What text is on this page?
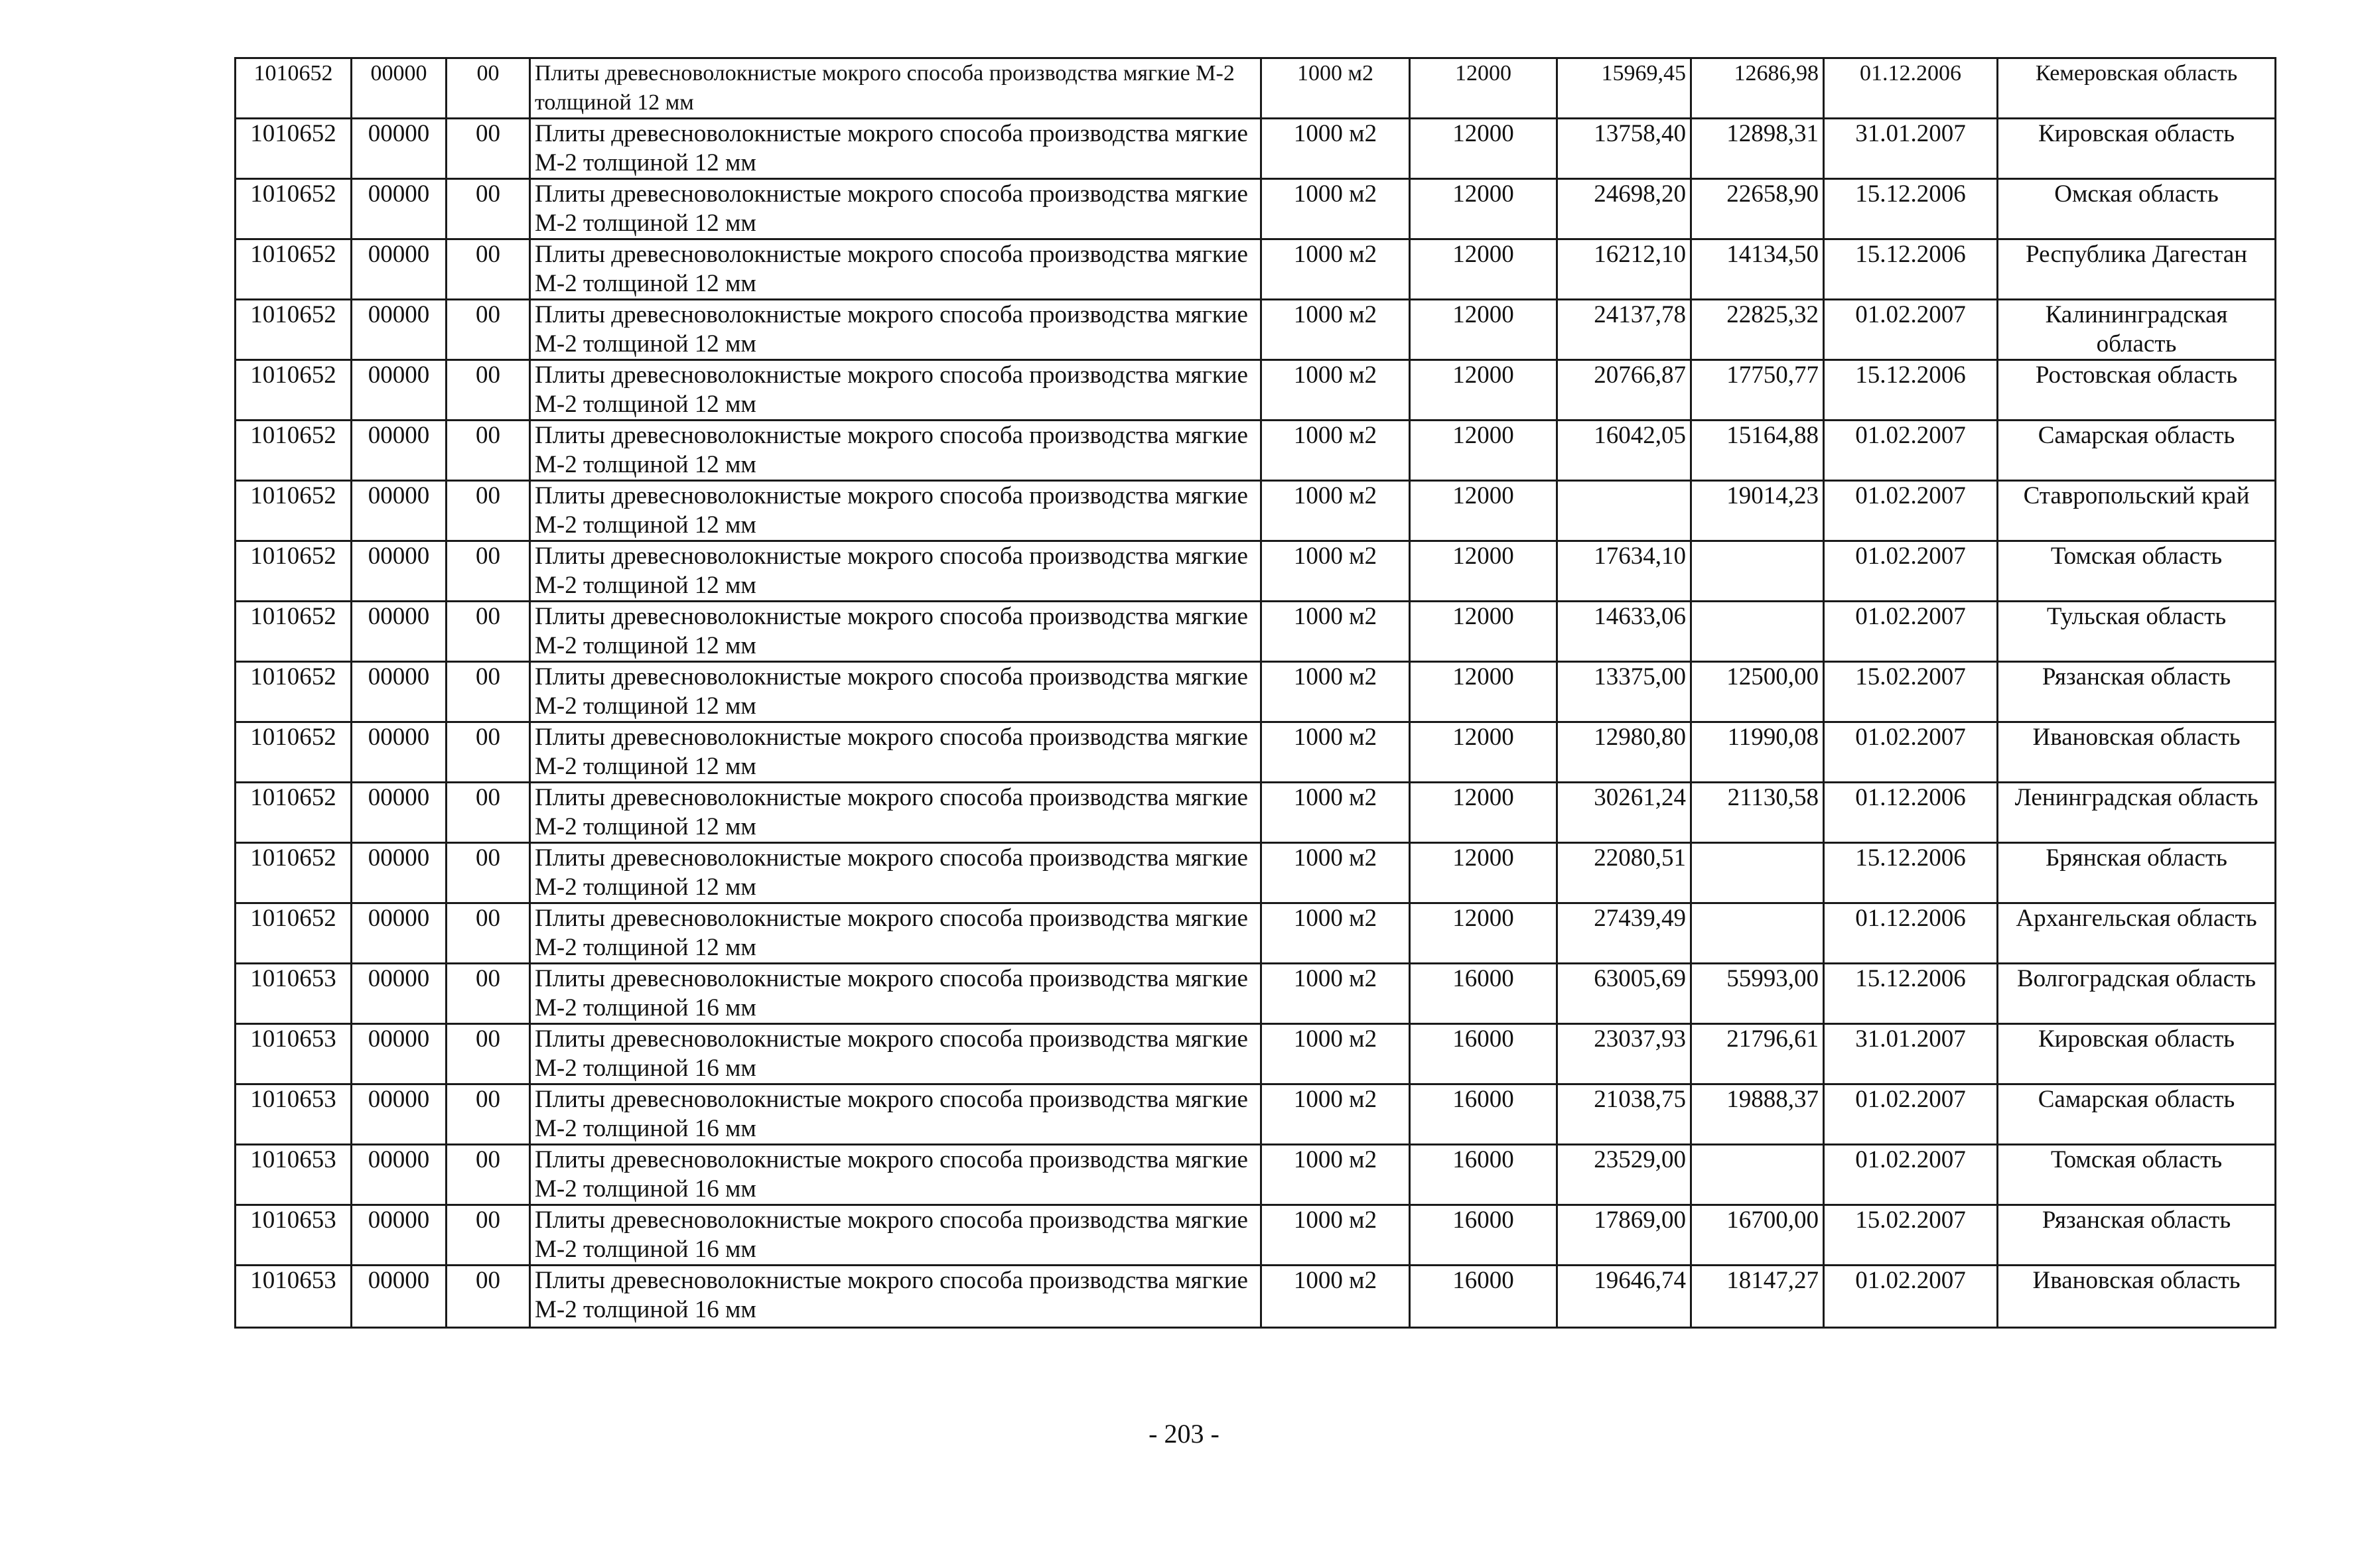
1010652	00000	00	Плиты древесноволокнистые мокрого способа производства мягкие М-2 толщиной 12 мм	1000 м2	12000	15969,45	12686,98	01.12.2006	Кемеровская область
1010652	00000	00	Плиты древесноволокнистые мокрого способа производства мягкие М-2 толщиной 12 мм	1000 м2	12000	13758,40	12898,31	31.01.2007	Кировская область
1010652	00000	00	Плиты древесноволокнистые мокрого способа производства мягкие М-2 толщиной 12 мм	1000 м2	12000	24698,20	22658,90	15.12.2006	Омская область
1010652	00000	00	Плиты древесноволокнистые мокрого способа производства мягкие М-2 толщиной 12 мм	1000 м2	12000	16212,10	14134,50	15.12.2006	Республика Дагестан
1010652	00000	00	Плиты древесноволокнистые мокрого способа производства мягкие М-2 толщиной 12 мм	1000 м2	12000	24137,78	22825,32	01.02.2007	Калининградская область
1010652	00000	00	Плиты древесноволокнистые мокрого способа производства мягкие М-2 толщиной 12 мм	1000 м2	12000	20766,87	17750,77	15.12.2006	Ростовская область
1010652	00000	00	Плиты древесноволокнистые мокрого способа производства мягкие М-2 толщиной 12 мм	1000 м2	12000	16042,05	15164,88	01.02.2007	Самарская область
1010652	00000	00	Плиты древесноволокнистые мокрого способа производства мягкие М-2 толщиной 12 мм	1000 м2	12000		19014,23	01.02.2007	Ставропольский край
1010652	00000	00	Плиты древесноволокнистые мокрого способа производства мягкие М-2 толщиной 12 мм	1000 м2	12000	17634,10		01.02.2007	Томская область
1010652	00000	00	Плиты древесноволокнистые мокрого способа производства мягкие М-2 толщиной 12 мм	1000 м2	12000	14633,06		01.02.2007	Тульская область
1010652	00000	00	Плиты древесноволокнистые мокрого способа производства мягкие М-2 толщиной 12 мм	1000 м2	12000	13375,00	12500,00	15.02.2007	Рязанская область
1010652	00000	00	Плиты древесноволокнистые мокрого способа производства мягкие М-2 толщиной 12 мм	1000 м2	12000	12980,80	11990,08	01.02.2007	Ивановская область
1010652	00000	00	Плиты древесноволокнистые мокрого способа производства мягкие М-2 толщиной 12 мм	1000 м2	12000	30261,24	21130,58	01.12.2006	Ленинградская область
1010652	00000	00	Плиты древесноволокнистые мокрого способа производства мягкие М-2 толщиной 12 мм	1000 м2	12000	22080,51		15.12.2006	Брянская область
1010652	00000	00	Плиты древесноволокнистые мокрого способа производства мягкие М-2 толщиной 12 мм	1000 м2	12000	27439,49		01.12.2006	Архангельская область
1010653	00000	00	Плиты древесноволокнистые мокрого способа производства мягкие М-2 толщиной 16 мм	1000 м2	16000	63005,69	55993,00	15.12.2006	Волгоградская область
1010653	00000	00	Плиты древесноволокнистые мокрого способа производства мягкие М-2 толщиной 16 мм	1000 м2	16000	23037,93	21796,61	31.01.2007	Кировская область
1010653	00000	00	Плиты древесноволокнистые мокрого способа производства мягкие М-2 толщиной 16 мм	1000 м2	16000	21038,75	19888,37	01.02.2007	Самарская область
1010653	00000	00	Плиты древесноволокнистые мокрого способа производства мягкие М-2 толщиной 16 мм	1000 м2	16000	23529,00		01.02.2007	Томская область
1010653	00000	00	Плиты древесноволокнистые мокрого способа производства мягкие М-2 толщиной 16 мм	1000 м2	16000	17869,00	16700,00	15.02.2007	Рязанская область
1010653	00000	00	Плиты древесноволокнистые мокрого способа производства мягкие М-2 толщиной 16 мм	1000 м2	16000	19646,74	18147,27	01.02.2007	Ивановская область
- 203 -
